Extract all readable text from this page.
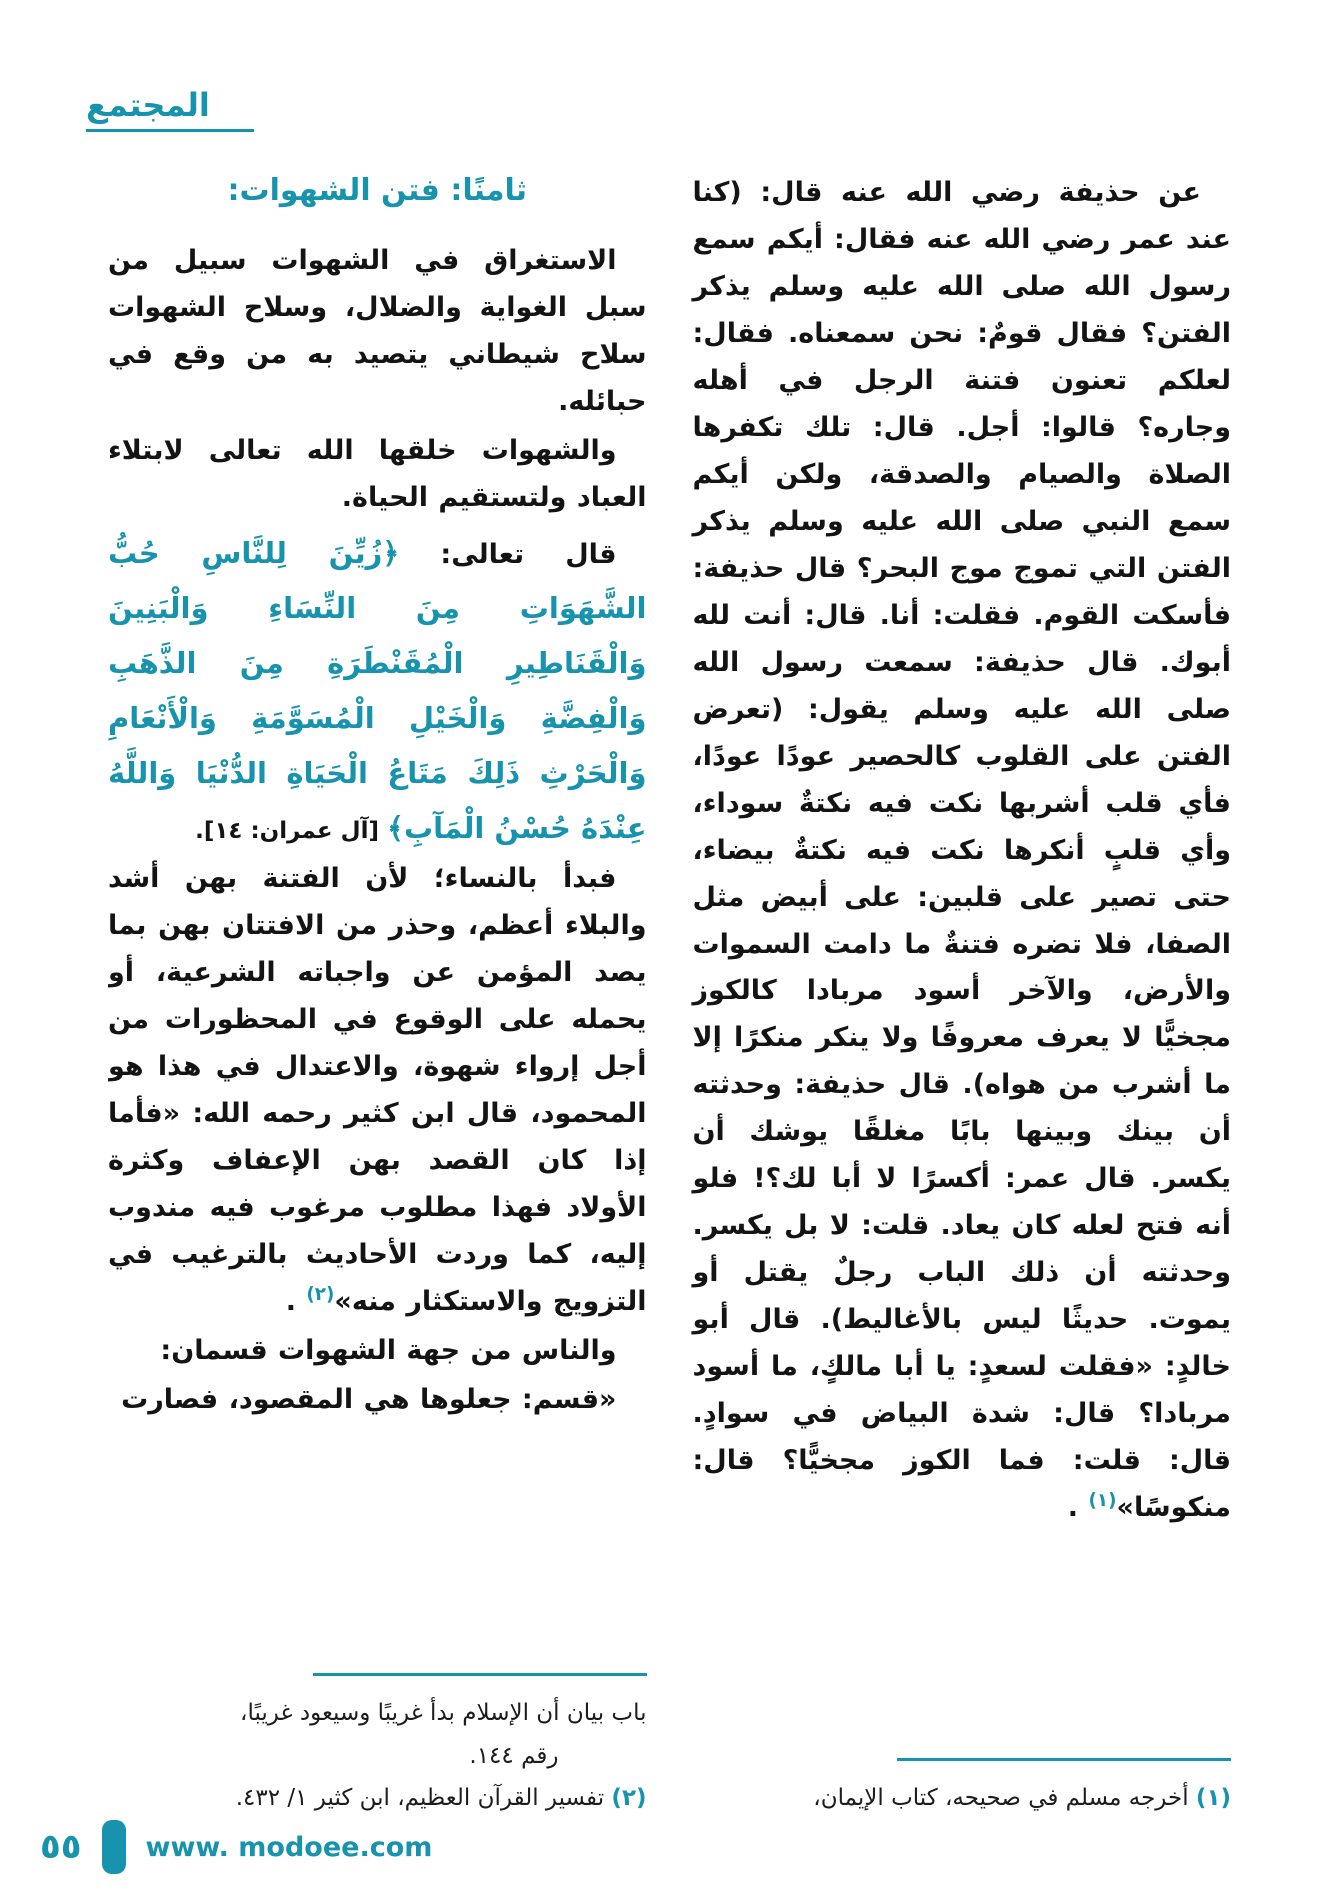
المجتمع

عن حذيفة رضي الله عنه قال: (كنا عند عمر رضي الله عنه فقال: أيكم سمع رسول الله صلى الله عليه وسلم يذكر الفتن؟ فقال قومٌ: نحن سمعناه. فقال: لعلكم تعنون فتنة الرجل في أهله وجاره؟ قالوا: أجل. قال: تلك تكفرها الصلاة والصيام والصدقة، ولكن أيكم سمع النبي صلى الله عليه وسلم يذكر الفتن التي تموج موج البحر؟ قال حذيفة: فأسكت القوم. فقلت: أنا. قال: أنت لله أبوك. قال حذيفة: سمعت رسول الله صلى الله عليه وسلم يقول: (تعرض الفتن على القلوب كالحصير عودًا عودًا، فأي قلب أشربها نكت فيه نكتةٌ سوداء، وأي قلبٍ أنكرها نكت فيه نكتةٌ بيضاء، حتى تصير على قلبين: على أبيض مثل الصفا، فلا تضره فتنةٌ ما دامت السموات والأرض، والآخر أسود مربادا كالكوز مجخيًّا لا يعرف معروفًا ولا ينكر منكرًا إلا ما أشرب من هواه). قال حذيفة: وحدثته أن بينك وبينها بابًا مغلقًا يوشك أن يكسر. قال عمر: أكسرًا لا أبا لك؟! فلو أنه فتح لعله كان يعاد. قلت: لا بل يكسر. وحدثته أن ذلك الباب رجلٌ يقتل أو يموت. حديثًا ليس بالأغاليط). قال أبو خالدٍ: «فقلت لسعدٍ: يا أبا مالكٍ، ما أسود مربادا؟ قال: شدة البياض في سوادٍ. قال: قلت: فما الكوز مجخيًّا؟ قال: منكوسًا»$^{(١)}$ .

(١) أخرجه مسلم في صحيحه، كتاب الإيمان،

ثامنًا: فتن الشهوات:

الاستغراق في الشهوات سبيل من سبل الغواية والضلال، وسلاح الشهوات سلاح شيطاني يتصيد به من وقع في حبائله.

والشهوات خلقها الله تعالى لابتلاء العباد ولتستقيم الحياة.

قال تعالى: ﴿زُيِّنَ لِلنَّاسِ حُبُّ الشَّهَوَاتِ مِنَ النِّسَاءِ وَالْبَنِينَ وَالْقَنَاطِيرِ الْمُقَنْطَرَةِ مِنَ الذَّهَبِ وَالْفِضَّةِ وَالْخَيْلِ الْمُسَوَّمَةِ وَالْأَنْعَامِ وَالْحَرْثِ ذَلِكَ مَتَاعُ الْحَيَاةِ الدُّنْيَا وَاللَّهُ عِنْدَهُ حُسْنُ الْمَآبِ﴾ [آل عمران: ١٤].

فبدأ بالنساء؛ لأن الفتنة بهن أشد والبلاء أعظم، وحذر من الافتتان بهن بما يصد المؤمن عن واجباته الشرعية، أو يحمله على الوقوع في المحظورات من أجل إرواء شهوة، والاعتدال في هذا هو المحمود، قال ابن كثير رحمه الله: «فأما إذا كان القصد بهن الإعفاف وكثرة الأولاد فهذا مطلوب مرغوب فيه مندوب إليه، كما وردت الأحاديث بالترغيب في التزويج والاستكثار منه»$^{(٢)}$ .

والناس من جهة الشهوات قسمان:

«قسم: جعلوها هي المقصود، فصارت

باب بيان أن الإسلام بدأ غريبًا وسيعود غريبًا،

رقم ١٤٤.

(٢) تفسير القرآن العظيم، ابن كثير ١/ ٤٣٢.

٥٥ www. modoee.com
